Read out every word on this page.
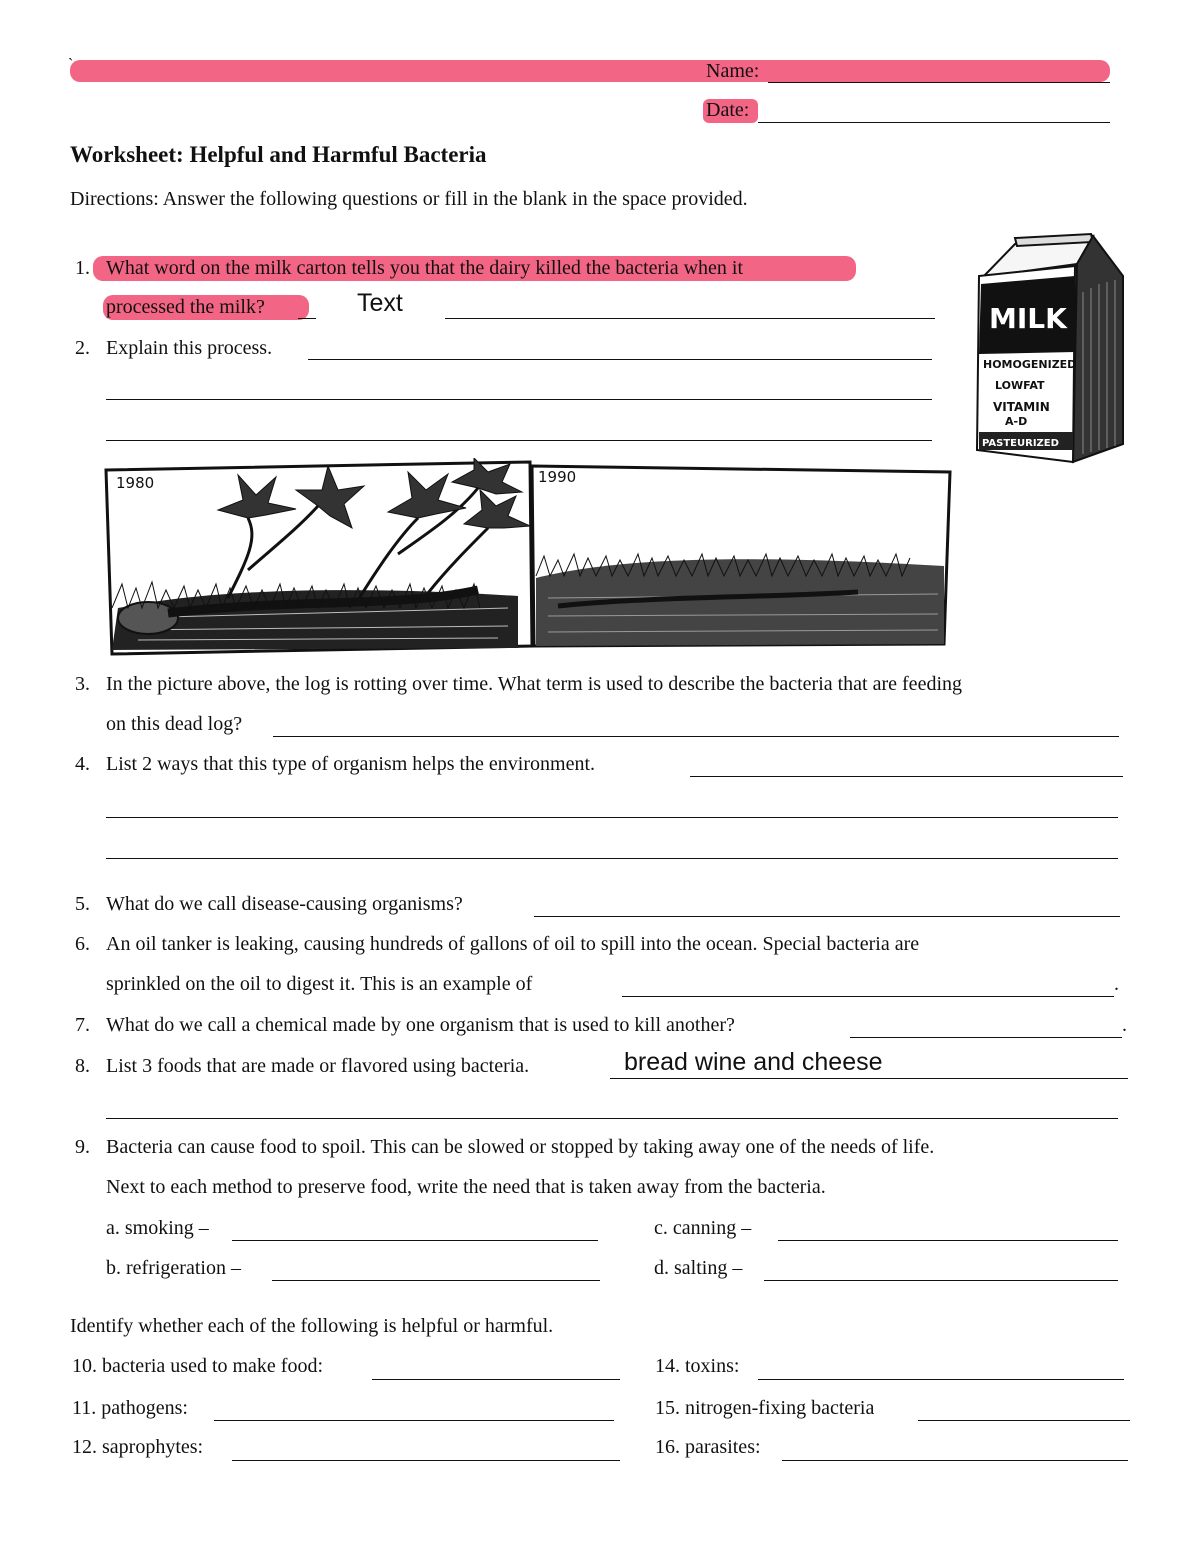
`	Name:
Date:
Worksheet: Helpful and Harmful Bacteria
Directions: Answer the following questions or fill in the blank in the space provided.
1. What word on the milk carton tells you that the dairy killed the bacteria when it
processed the milk?	Text
2. Explain this process.
MILK
HOMOGENIZED
LOWFAT
VITAMIN
A-D
PASTEURIZED
1980	1990
3. In the picture above, the log is rotting over time. What term is used to describe the bacteria that are feeding
on this dead log?
4. List 2 ways that this type of organism helps the environment.
5. What do we call disease-causing organisms?
6. An oil tanker is leaking, causing hundreds of gallons of oil to spill into the ocean. Special bacteria are
sprinkled on the oil to digest it. This is an example of	.
7. What do we call a chemical made by one organism that is used to kill another?	.
8. List 3 foods that are made or flavored using bacteria.	bread wine and cheese
9. Bacteria can cause food to spoil. This can be slowed or stopped by taking away one of the needs of life.
Next to each method to preserve food, write the need that is taken away from the bacteria.
a. smoking –	c. canning –
b. refrigeration –	d. salting –
Identify whether each of the following is helpful or harmful.
10. bacteria used to make food:	14. toxins:
11. pathogens:	15. nitrogen-fixing bacteria
12. saprophytes:	16. parasites:
